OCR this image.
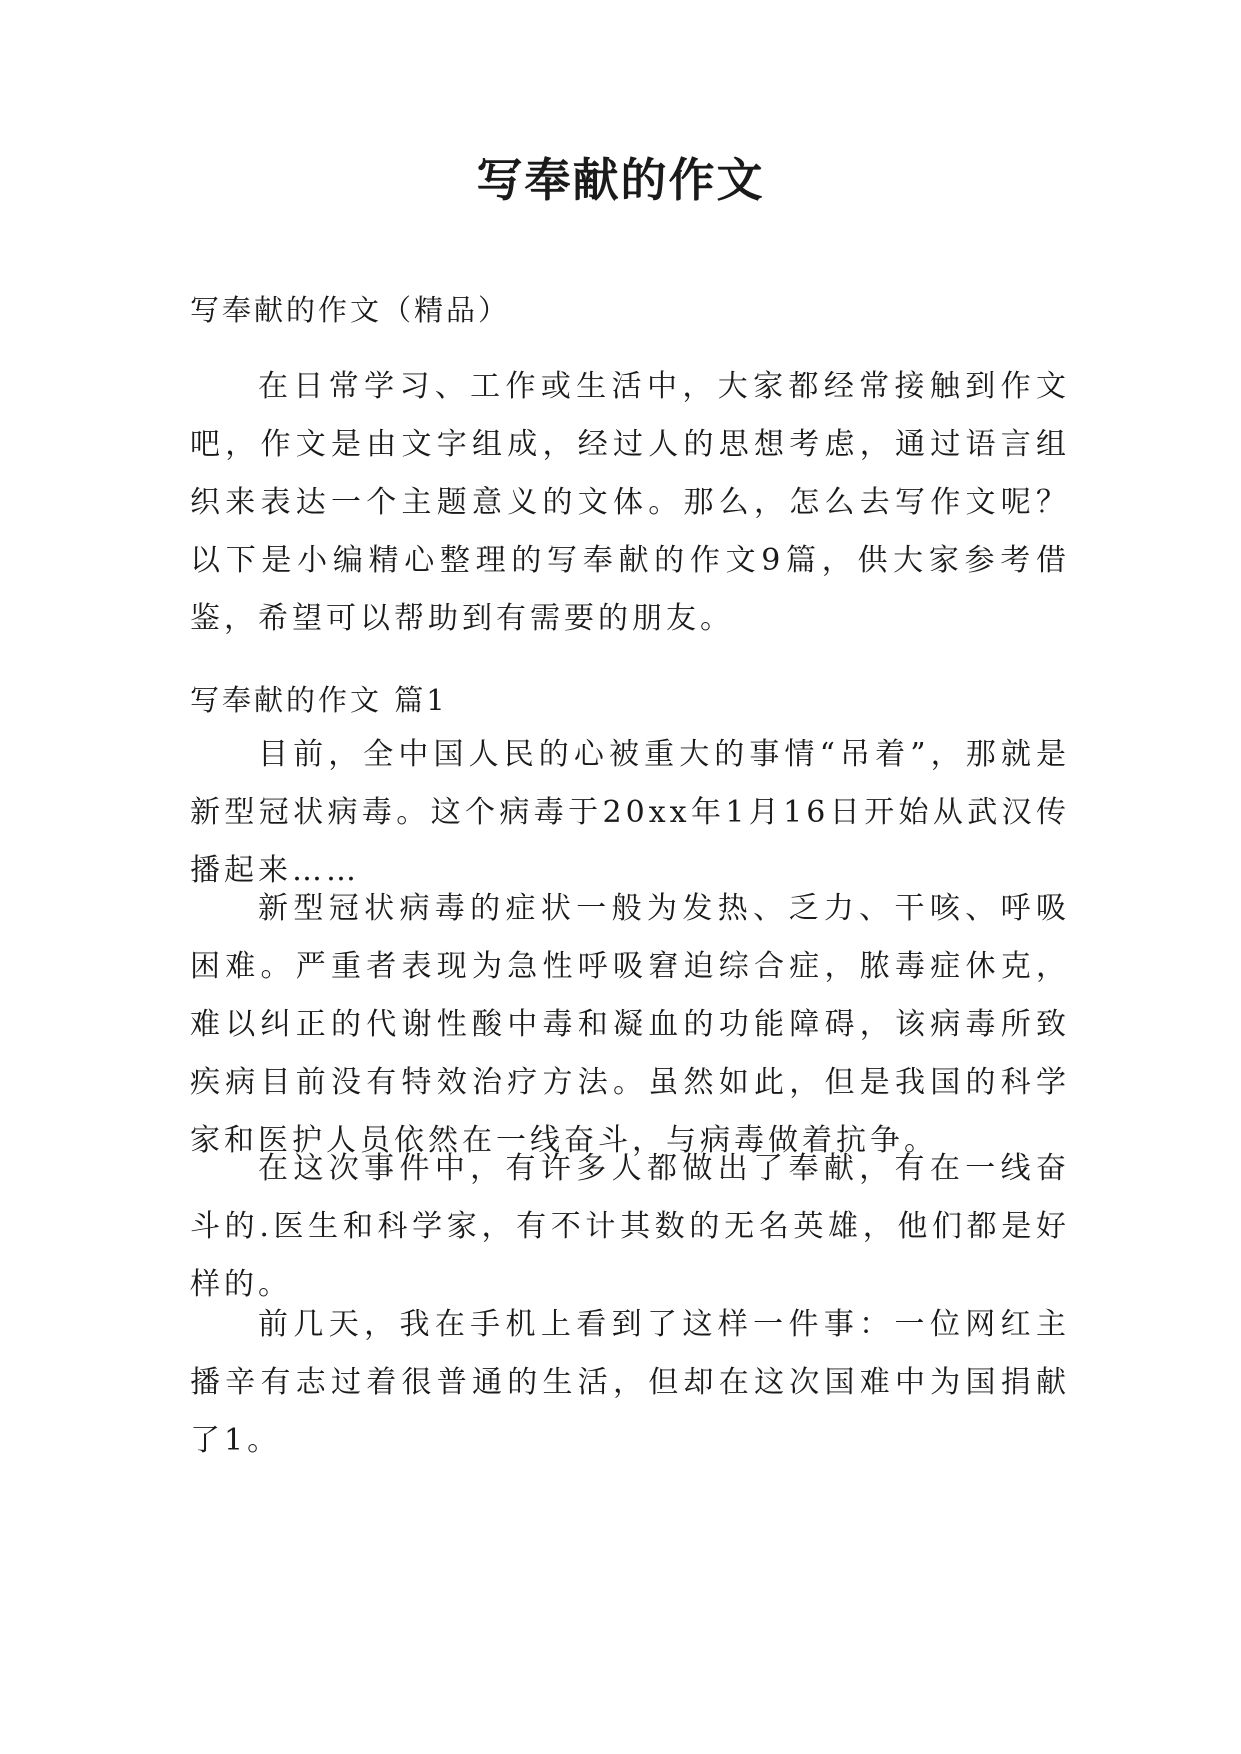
写奉献的作文

写奉献的作文（精品）

在日常学习、工作或生活中，大家都经常接触到作文吧，作文是由文字组成，经过人的思想考虑，通过语言组织来表达一个主题意义的文体。那么，怎么去写作文呢？以下是小编精心整理的写奉献的作文9篇，供大家参考借鉴，希望可以帮助到有需要的朋友。

写奉献的作文 篇1

目前，全中国人民的心被重大的事情“吊着”，那就是新型冠状病毒。这个病毒于20xx年1月16日开始从武汉传播起来……

新型冠状病毒的症状一般为发热、乏力、干咳、呼吸困难。严重者表现为急性呼吸窘迫综合症，脓毒症休克，难以纠正的代谢性酸中毒和凝血的功能障碍，该病毒所致疾病目前没有特效治疗方法。虽然如此，但是我国的科学家和医护人员依然在一线奋斗，与病毒做着抗争。

在这次事件中，有许多人都做出了奉献，有在一线奋斗的.医生和科学家，有不计其数的无名英雄，他们都是好样的。

前几天，我在手机上看到了这样一件事：一位网红主播辛有志过着很普通的生活，但却在这次国难中为国捐献了1。
